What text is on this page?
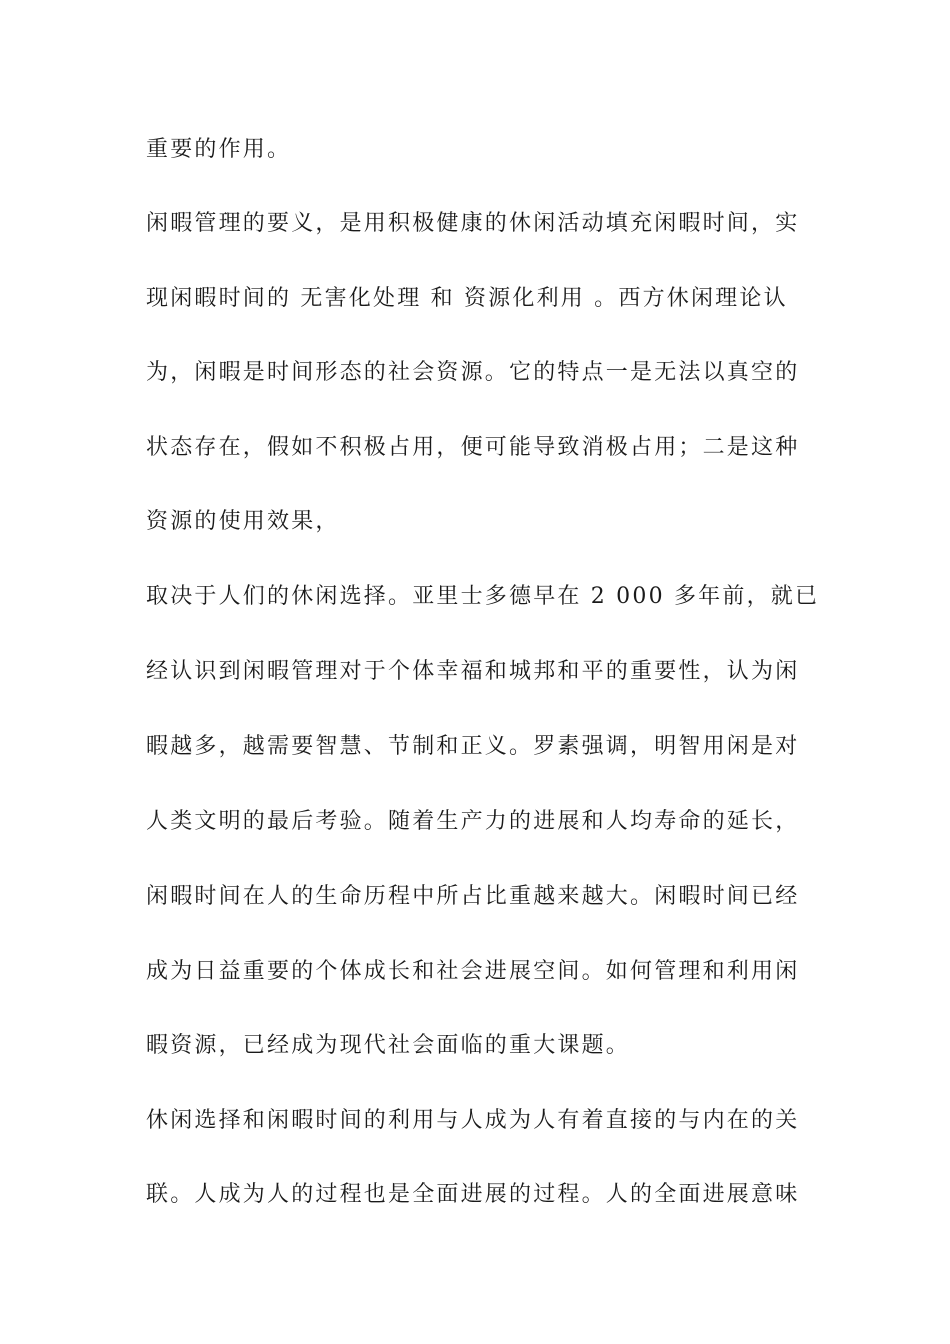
重要的作用。
闲暇管理的要义，是用积极健康的休闲活动填充闲暇时间，实
现闲暇时间的 无害化处理 和 资源化利用 。西方休闲理论认
为，闲暇是时间形态的社会资源。它的特点一是无法以真空的
状态存在，假如不积极占用，便可能导致消极占用；二是这种
资源的使用效果，
取决于人们的休闲选择。亚里士多德早在 2 000 多年前，就已
经认识到闲暇管理对于个体幸福和城邦和平的重要性，认为闲
暇越多，越需要智慧、节制和正义。罗素强调，明智用闲是对
人类文明的最后考验。随着生产力的进展和人均寿命的延长，
闲暇时间在人的生命历程中所占比重越来越大。闲暇时间已经
成为日益重要的个体成长和社会进展空间。如何管理和利用闲
暇资源，已经成为现代社会面临的重大课题。
休闲选择和闲暇时间的利用与人成为人有着直接的与内在的关
联。人成为人的过程也是全面进展的过程。人的全面进展意味
